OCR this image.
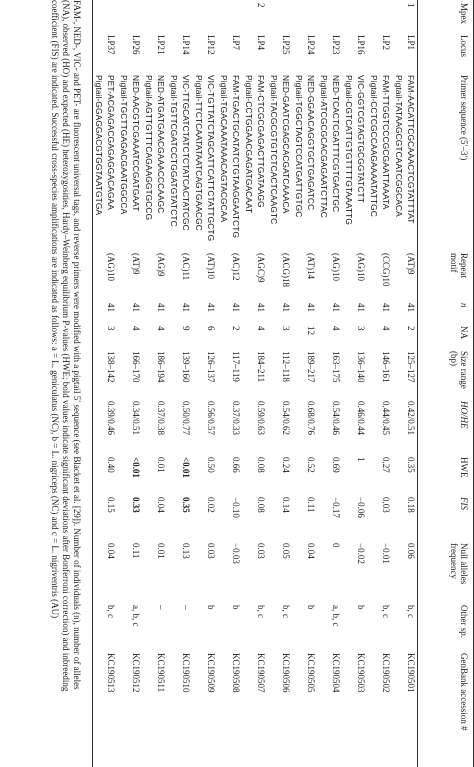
Mpex	Locus	Primer sequence (5′–3′)	Repeat motif	n	NA	Size range (bp)	HO/HE	HWE	FIS	Null alleles frequency	Other sp.	GenBank accession #
1	LP1	FAM-AACATTCGCAAACTCGTATTTAT
Pigtail-TATAAGCGTCAATCGGCACA	(AT)9	41	2	125–127	0.42/0.51	0.35	0.18	0.06	b, c	KC190501
	LP2	FAM-TTGGTCCCGCGAATTAAATA
Pigtail-CCTCGCCAAGAAAATATTGC	(CCG)10	41	4	146–161	0.44/0.45	0.27	0.03	−0.01	b, c	KC190502
	LP16	VIC-GGTCGTAGTGCGGTATCTT
Pigtail-CGTCATTGTGTTTTGTAAATTG	(AG)10	41	3	136–140	0.46/0.44	1	−0.06	−0.02	b	KC190503
	LP23	NED-TCACTCGATTTCGTGACTGC
Pigtail-ATCGCGCACGAGAATCTTAC	(AG)10	41	4	163–175	0.54/0.46	0.69	−0.17	0	a, b, c	KC190504
	LP24	NED-GGAACAGGTGCTGAGATCC
Pigtail-TGGCTAGTCCATGATTGTGC	(AT)14	41	12	189–217	0.68/0.76	0.52	0.11	0.04	b	KC190505
	LP25	NED-GAATCGAGCACGATCAAACA
Pigtail-TACGCGTGTCTCACTCAAGTC	(ACG)18	41	3	112–118	0.54/0.62	0.24	0.14	0.05	b, c	KC190506
2	LP4	FAM-CTCGCGAGACTTGATAAGG
Pigtail-CCTGGAACGAGATGACAAT	(AGC)9	41	4	184–211	0.59/0.63	0.08	0.08	0.03	b, c	KC190507
	LP7	FAM-TGACTGCATATCTGTAAGGAATCTG
Pigtail-TGACAAATAAACAGTACGCAA	(AC)12	41	2	117–119	0.37/0.33	0.66	−0.10	−0.03	b	KC190508
	LP12	VIC-TGTTATCTAGCATTCATTCTATTGCTG
Pigtail-TTCTCAATATAATCAGTGAACGC	(AT)10	41	6	126–137	0.56/0.57	0.50	0.02	0.03	b	KC190509
	LP14	VIC-TTGCATCTATCTCTATCACTATCGC
Pigtail-TGTTCGATCCTGGATGTATCTC	(AC)11	41	9	139–160	0.50/0.77	<0.01	0.35	0.13	–	KC190510
	LP21	NED-ATGATGAACGAAACCCAAGC
Pigtail-AGTTGTTTCAGAAGGTGCCG	(AG)9	41	4	186–194	0.37/0.38	0.01	0.04	0.01	–	KC190511
	LP26	NED-AACGTCGAAATCCGATGAAT
Pigtail-TGCTTGAGACGAATGGCCA	(AT)9	41	4	166–170	0.34/0.51	<0.01	0.33	0.11	a, b, c	KC190512
	LP37	PET-ACGAGACGAGAGGACAGAA
Pigtail-GGAGGACGTGGTAATGTGA	(AG)10	41	3	138–142	0.39/0.46	0.40	0.15	0.04	b, c	KC190513

FAM-, NED-, VIC- and PET- are fluorescent universal tags, and reverse primers were modified with a pigtail 5′ sequence (see Blacket et al. [29]). Number of individuals (n), number of alleles

(NA), observed (HO) and expected (HE) heterozygosities, Hardy–Weinberg equilibrium P-values (HWE; bold values indicate significant deviations after Bonferroni correction) and inbreeding

coefficient (FIS) are indicated. Successful cross-species amplifications are indicated as follows: a = L. geniculatus (NC), b = L. nigriceps (NC) and c = L. nigriventris (AU)
